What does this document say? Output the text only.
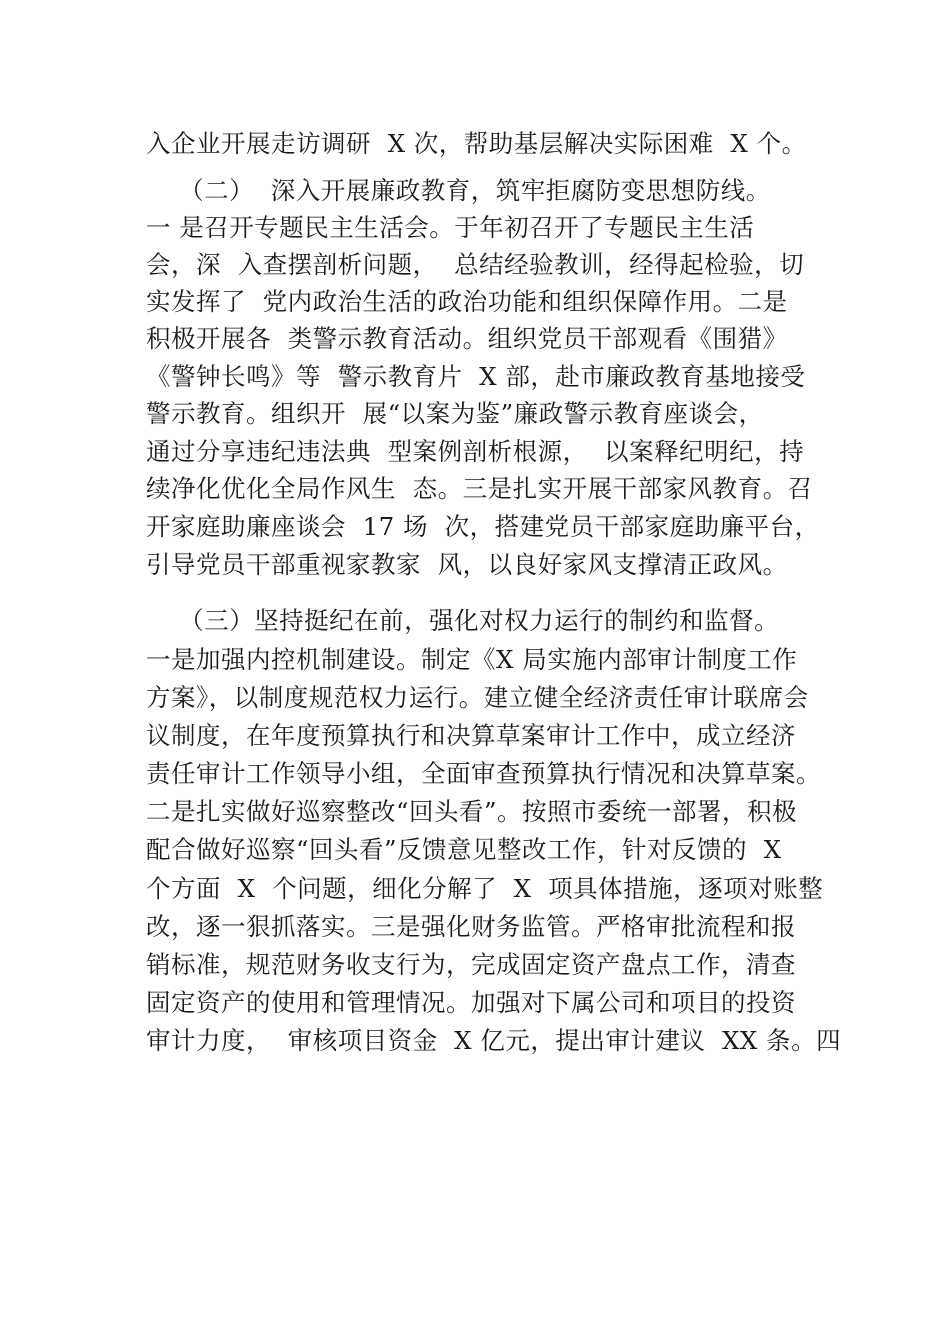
入企业开展走访调研  X 次，帮助基层解决实际困难  X 个。
（二）  深入开展廉政教育，筑牢拒腐防变思想防线。
一 是召开专题民主生活会。于年初召开了专题民主生活
会，深  入查摆剖析问题，  总结经验教训，经得起检验，切
实发挥了  党内政治生活的政治功能和组织保障作用。二是
积极开展各  类警示教育活动。组织党员干部观看《围猎》
《警钟长鸣》等  警示教育片  X 部，赴市廉政教育基地接受
警示教育。组织开  展“以案为鉴”廉政警示教育座谈会，
通过分享违纪违法典  型案例剖析根源，  以案释纪明纪，持
续净化优化全局作风生  态。三是扎实开展干部家风教育。召
开家庭助廉座谈会  17 场  次，搭建党员干部家庭助廉平台，
引导党员干部重视家教家  风，以良好家风支撑清正政风。
（三）坚持挺纪在前，强化对权力运行的制约和监督。
一是加强内控机制建设。制定《X 局实施内部审计制度工作
方案》，以制度规范权力运行。建立健全经济责任审计联席会
议制度，在年度预算执行和决算草案审计工作中，成立经济
责任审计工作领导小组，全面审查预算执行情况和决算草案。
二是扎实做好巡察整改“回头看”。按照市委统一部署，积极
配合做好巡察“回头看”反馈意见整改工作，针对反馈的  X
个方面  X  个问题，细化分解了  X  项具体措施，逐项对账整
改，逐一狠抓落实。三是强化财务监管。严格审批流程和报
销标准，规范财务收支行为，完成固定资产盘点工作，清查
固定资产的使用和管理情况。加强对下属公司和项目的投资
审计力度，  审核项目资金  X 亿元，提出审计建议  XX 条。四
